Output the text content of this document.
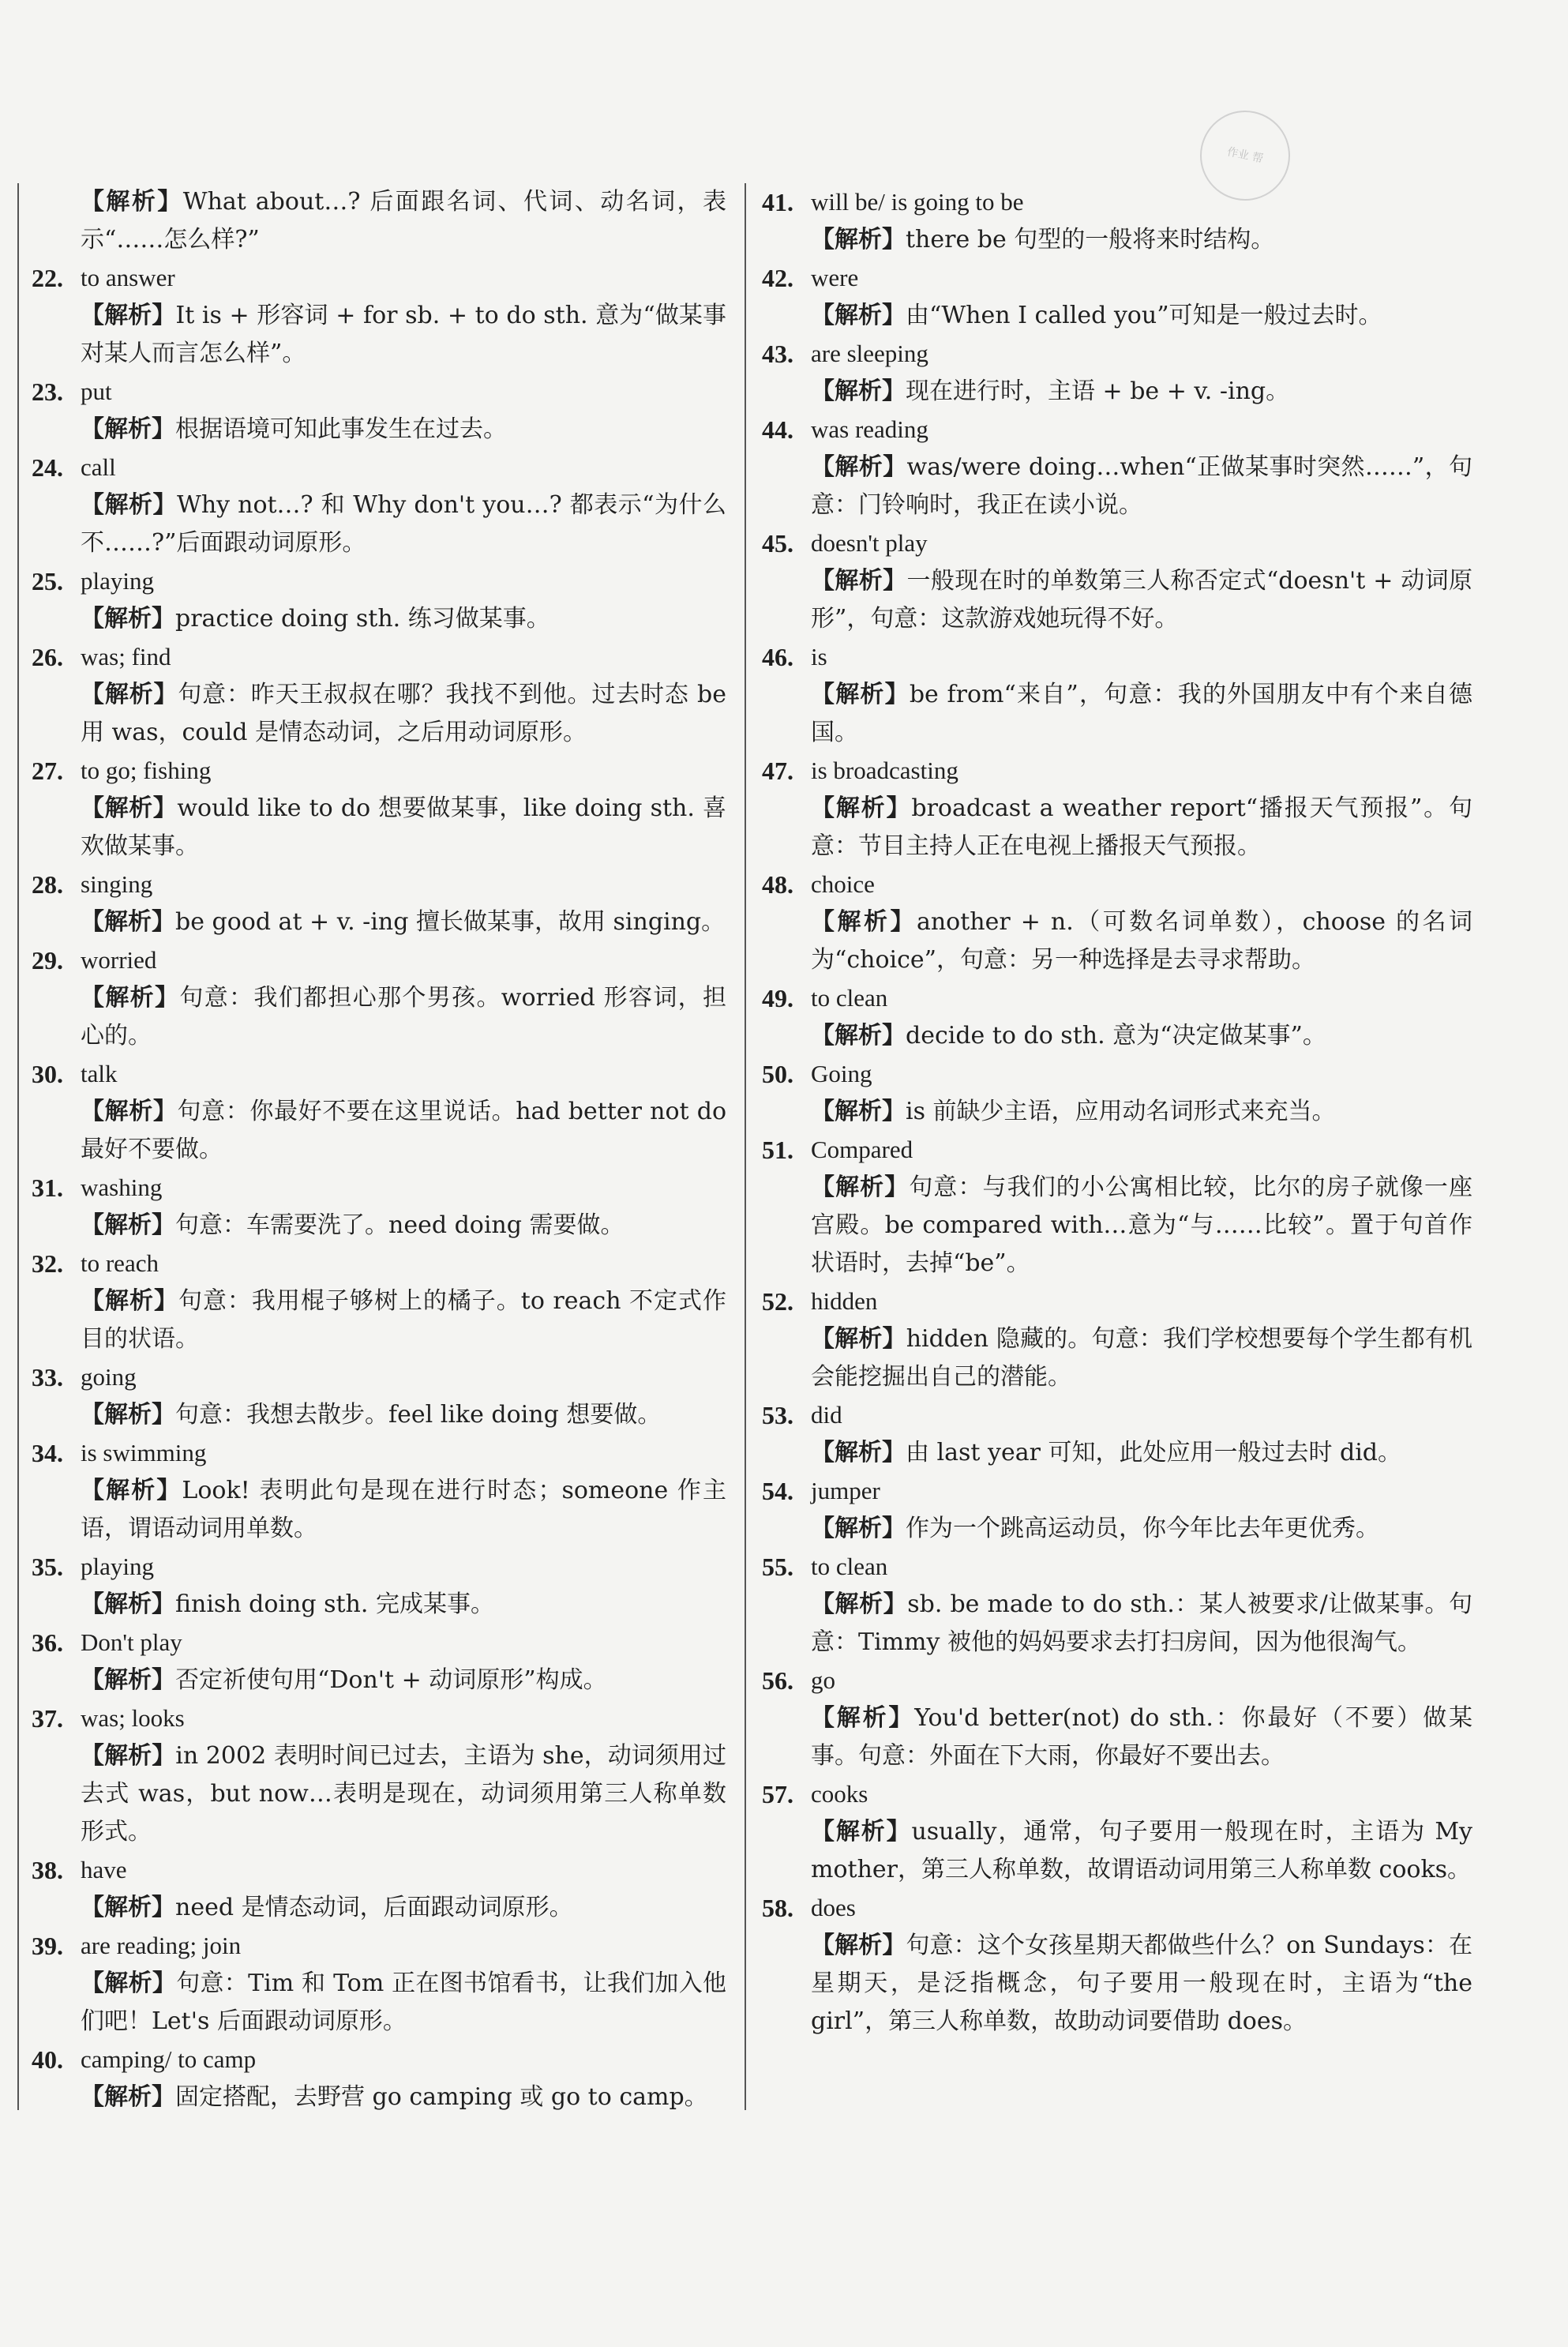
作业 帮
【解析】What about…? 后面跟名词、代词、动名词，表示“……怎么样?”
22. to answer
【解析】It is + 形容词 + for sb. + to do sth. 意为“做某事对某人而言怎么样”。
23. put
【解析】根据语境可知此事发生在过去。
24. call
【解析】Why not…? 和 Why don't you…? 都表示“为什么不……?”后面跟动词原形。
25. playing
【解析】practice doing sth. 练习做某事。
26. was; find
【解析】句意：昨天王叔叔在哪？我找不到他。过去时态 be 用 was，could 是情态动词，之后用动词原形。
27. to go; fishing
【解析】would like to do 想要做某事，like doing sth. 喜欢做某事。
28. singing
【解析】be good at + v. -ing 擅长做某事，故用 singing。
29. worried
【解析】句意：我们都担心那个男孩。worried 形容词，担心的。
30. talk
【解析】句意：你最好不要在这里说话。had better not do 最好不要做。
31. washing
【解析】句意：车需要洗了。need doing 需要做。
32. to reach
【解析】句意：我用棍子够树上的橘子。to reach 不定式作目的状语。
33. going
【解析】句意：我想去散步。feel like doing 想要做。
34. is swimming
【解析】Look! 表明此句是现在进行时态；someone 作主语，谓语动词用单数。
35. playing
【解析】finish doing sth. 完成某事。
36. Don't play
【解析】否定祈使句用“Don't + 动词原形”构成。
37. was; looks
【解析】in 2002 表明时间已过去，主语为 she，动词须用过去式 was，but now…表明是现在，动词须用第三人称单数形式。
38. have
【解析】need 是情态动词，后面跟动词原形。
39. are reading; join
【解析】句意：Tim 和 Tom 正在图书馆看书，让我们加入他们吧！Let's 后面跟动词原形。
40. camping/ to camp
【解析】固定搭配，去野营 go camping 或 go to camp。
41. will be/ is going to be
【解析】there be 句型的一般将来时结构。
42. were
【解析】由“When I called you”可知是一般过去时。
43. are sleeping
【解析】现在进行时，主语 + be + v. -ing。
44. was reading
【解析】was/were doing…when“正做某事时突然……”，句意：门铃响时，我正在读小说。
45. doesn't play
【解析】一般现在时的单数第三人称否定式“doesn't + 动词原形”，句意：这款游戏她玩得不好。
46. is
【解析】be from“来自”，句意：我的外国朋友中有个来自德国。
47. is broadcasting
【解析】broadcast a weather report“播报天气预报”。句意：节目主持人正在电视上播报天气预报。
48. choice
【解析】another + n.（可数名词单数），choose 的名词为“choice”，句意：另一种选择是去寻求帮助。
49. to clean
【解析】decide to do sth. 意为“决定做某事”。
50. Going
【解析】is 前缺少主语，应用动名词形式来充当。
51. Compared
【解析】句意：与我们的小公寓相比较，比尔的房子就像一座宫殿。be compared with…意为“与……比较”。置于句首作状语时，去掉“be”。
52. hidden
【解析】hidden 隐藏的。句意：我们学校想要每个学生都有机会能挖掘出自己的潜能。
53. did
【解析】由 last year 可知，此处应用一般过去时 did。
54. jumper
【解析】作为一个跳高运动员，你今年比去年更优秀。
55. to clean
【解析】sb. be made to do sth.：某人被要求/让做某事。句意：Timmy 被他的妈妈要求去打扫房间，因为他很淘气。
56. go
【解析】You'd better(not) do sth.：你最好（不要）做某事。句意：外面在下大雨，你最好不要出去。
57. cooks
【解析】usually，通常，句子要用一般现在时，主语为 My mother，第三人称单数，故谓语动词用第三人称单数 cooks。
58. does
【解析】句意：这个女孩星期天都做些什么？on Sundays：在星期天，是泛指概念，句子要用一般现在时，主语为“the girl”，第三人称单数，故助动词要借助 does。
